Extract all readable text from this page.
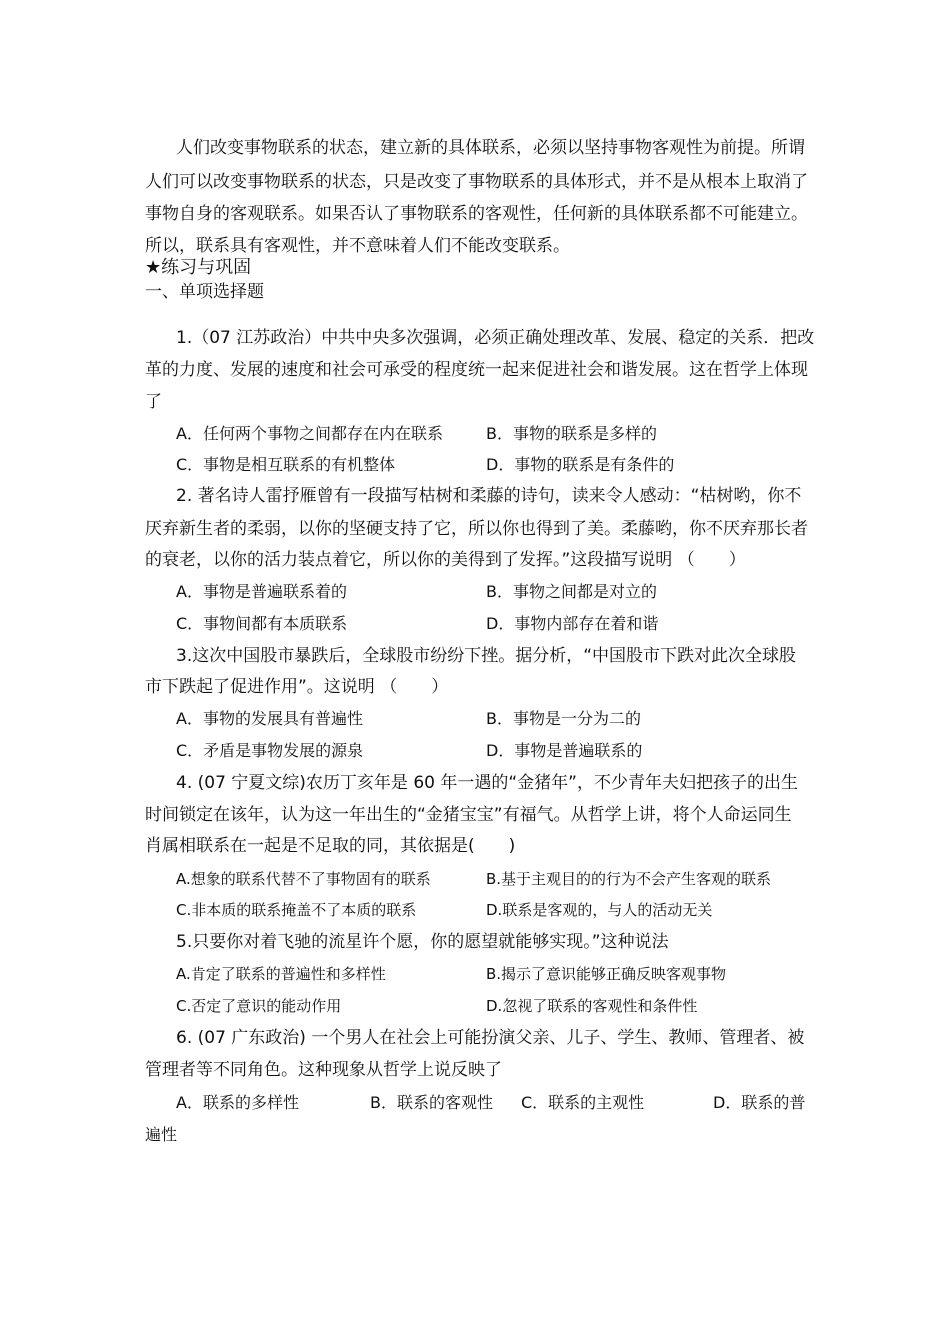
人们改变事物联系的状态，建立新的具体联系，必须以坚持事物客观性为前提。所谓
人们可以改变事物联系的状态，只是改变了事物联系的具体形式，并不是从根本上取消了
事物自身的客观联系。如果否认了事物联系的客观性，任何新的具体联系都不可能建立。
所以，联系具有客观性，并不意味着人们不能改变联系。
★练习与巩固
一、单项选择题
1.（07 江苏政治）中共中央多次强调，必须正确处理改革、发展、稳定的关系．把改
革的力度、发展的速度和社会可承受的程度统一起来促进社会和谐发展。这在哲学上体现
了
A．任何两个事物之间都存在内在联系	B．事物的联系是多样的
C．事物是相互联系的有机整体	D．事物的联系是有条件的
2. 著名诗人雷抒雁曾有一段描写枯树和柔藤的诗句，读来令人感动：“枯树哟，你不
厌弃新生者的柔弱，以你的坚硬支持了它，所以你也得到了美。柔藤哟，你不厌弃那长者
的衰老，以你的活力装点着它，所以你的美得到了发挥。”这段描写说明 （　　）
A．事物是普遍联系着的	B．事物之间都是对立的
C．事物间都有本质联系	D．事物内部存在着和谐
3.这次中国股市暴跌后，全球股市纷纷下挫。据分析，“中国股市下跌对此次全球股
市下跌起了促进作用”。这说明 （　　）
A．事物的发展具有普遍性	B．事物是一分为二的
C．矛盾是事物发展的源泉	D．事物是普遍联系的
4. (07 宁夏文综)农历丁亥年是 60 年一遇的“金猪年”，不少青年夫妇把孩子的出生
时间锁定在该年，认为这一年出生的“金猪宝宝”有福气。从哲学上讲，将个人命运同生
肖属相联系在一起是不足取的同，其依据是(　　)
A.想象的联系代替不了事物固有的联系	B.基于主观目的的行为不会产生客观的联系
C.非本质的联系掩盖不了本质的联系	D.联系是客观的，与人的活动无关
5.只要你对着飞驰的流星许个愿，你的愿望就能够实现。”这种说法
A.肯定了联系的普遍性和多样性	B.揭示了意识能够正确反映客观事物
C.否定了意识的能动作用	D.忽视了联系的客观性和条件性
6. (07 广东政治) 一个男人在社会上可能扮演父亲、儿子、学生、教师、管理者、被
管理者等不同角色。这种现象从哲学上说反映了
A．联系的多样性	B．联系的客观性 C．联系的主观性	D．联系的普
遍性
